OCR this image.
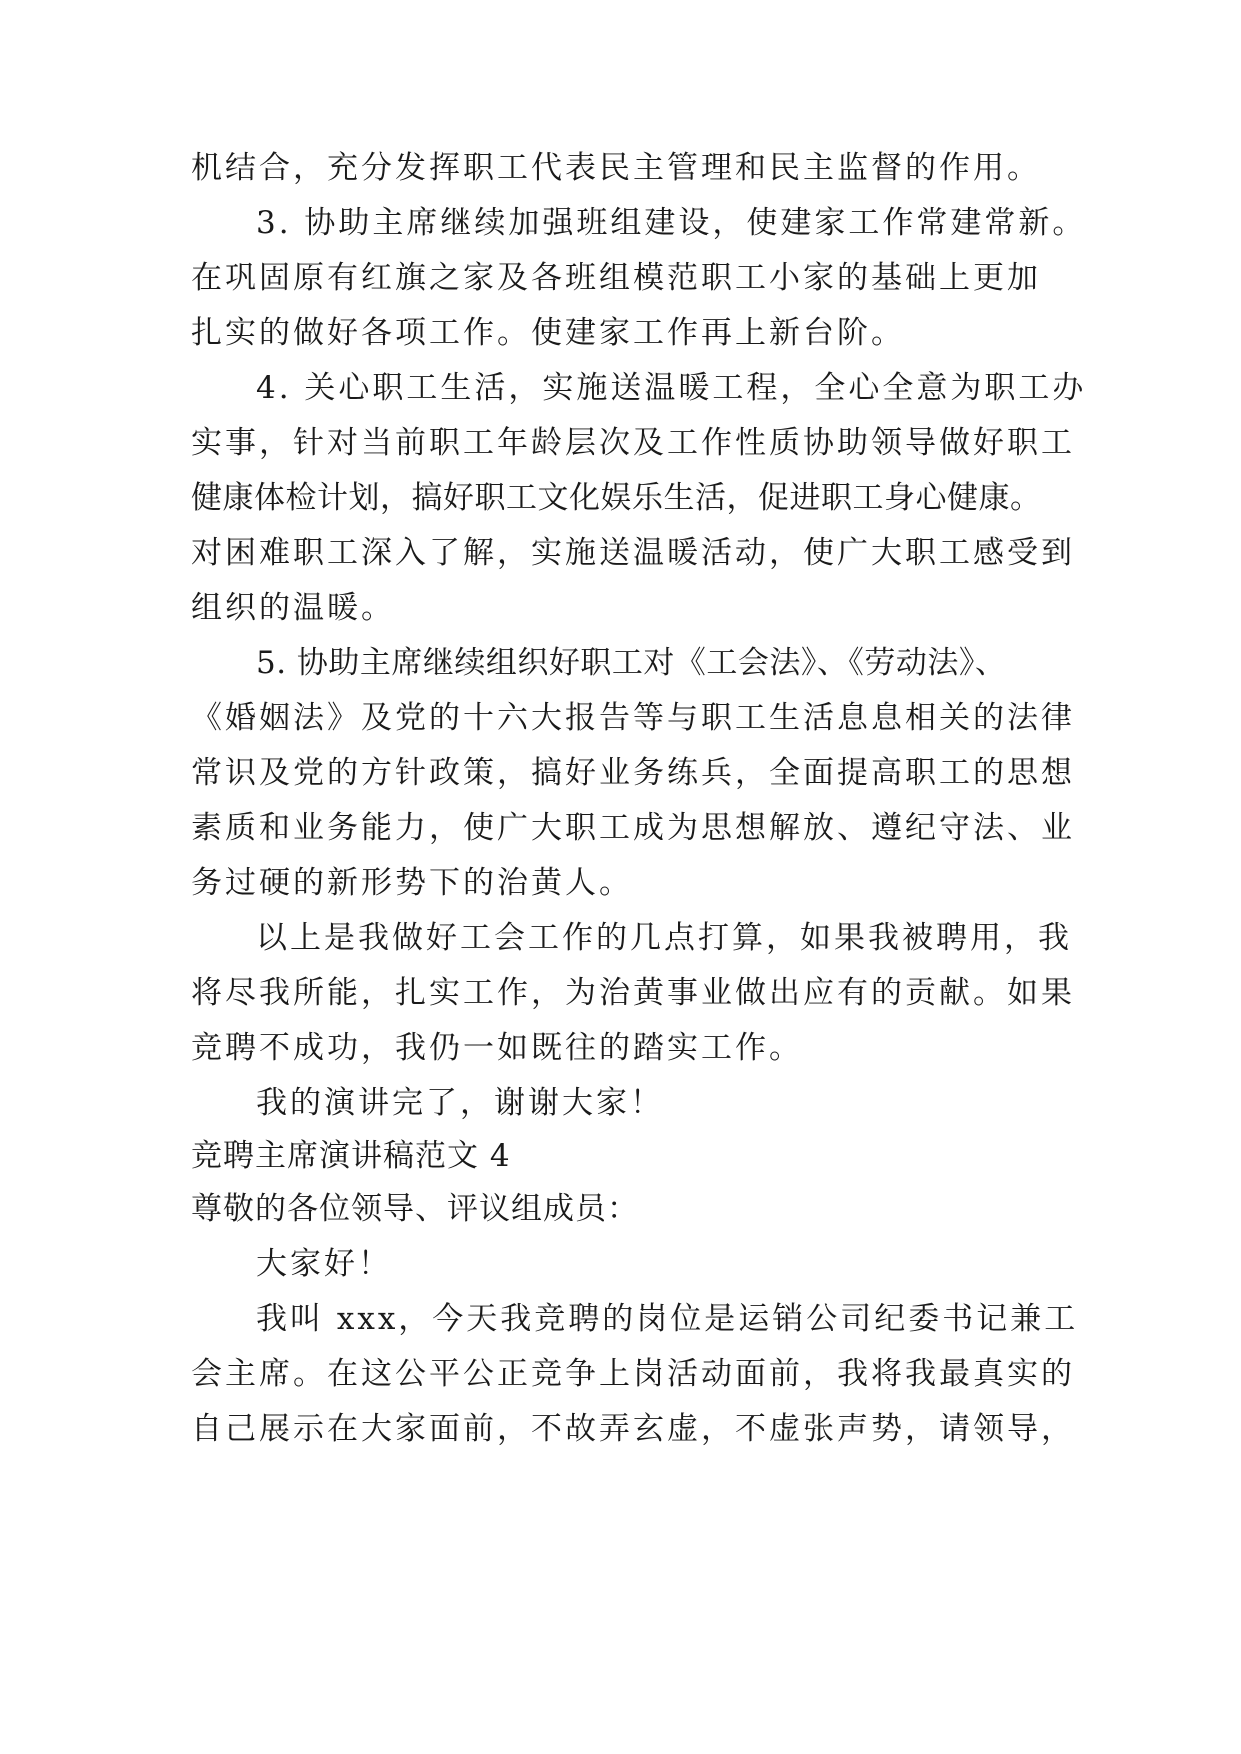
机结合，充分发挥职工代表民主管理和民主监督的作用。
3. 协助主席继续加强班组建设，使建家工作常建常新。
在巩固原有红旗之家及各班组模范职工小家的基础上更加
扎实的做好各项工作。使建家工作再上新台阶。
4. 关心职工生活，实施送温暖工程，全心全意为职工办
实事，针对当前职工年龄层次及工作性质协助领导做好职工
健康体检计划，搞好职工文化娱乐生活，促进职工身心健康。
对困难职工深入了解，实施送温暖活动，使广大职工感受到
组织的温暖。
5. 协助主席继续组织好职工对《工会法》、《劳动法》、
《婚姻法》及党的十六大报告等与职工生活息息相关的法律
常识及党的方针政策，搞好业务练兵，全面提高职工的思想
素质和业务能力，使广大职工成为思想解放、遵纪守法、业
务过硬的新形势下的治黄人。
以上是我做好工会工作的几点打算，如果我被聘用，我
将尽我所能，扎实工作，为治黄事业做出应有的贡献。如果
竞聘不成功，我仍一如既往的踏实工作。
我的演讲完了，谢谢大家！
竞聘主席演讲稿范文 4
尊敬的各位领导、评议组成员：
大家好！
我叫 xxx，今天我竞聘的岗位是运销公司纪委书记兼工
会主席。在这公平公正竞争上岗活动面前，我将我最真实的
自己展示在大家面前，不故弄玄虚，不虚张声势，请领导，
